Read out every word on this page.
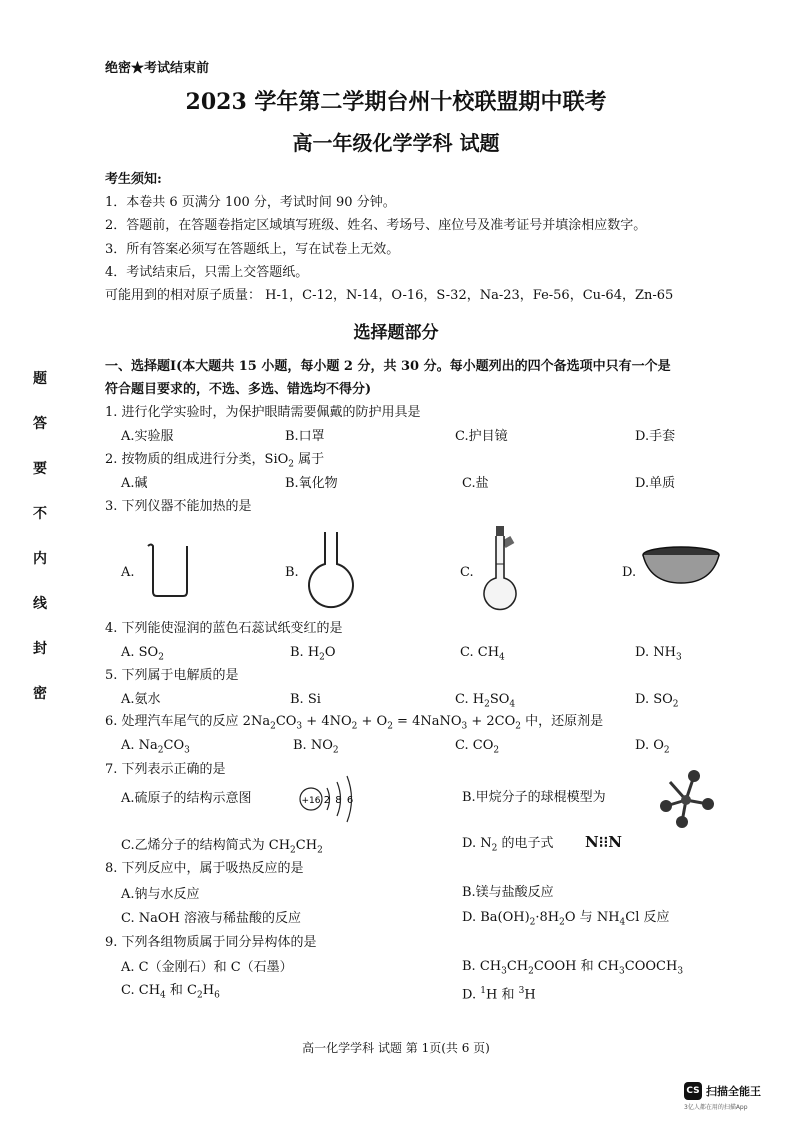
绝密★考试结束前
2023 学年第二学期台州十校联盟期中联考
高一年级化学学科 试题
考生须知:
1．本卷共 6 页满分 100 分，考试时间 90 分钟。
2．答题前，在答题卷指定区域填写班级、姓名、考场号、座位号及准考证号并填涂相应数字。
3．所有答案必须写在答题纸上，写在试卷上无效。
4．考试结束后，只需上交答题纸。
可能用到的相对原子质量： H-1，C-12，N-14，O-16，S-32，Na-23，Fe-56，Cu-64，Zn-65
选择题部分
一、选择题I(本大题共 15 小题，每小题 2 分，共 30 分。每小题列出的四个备选项中只有一个是
符合题目要求的，不选、多选、错选均不得分)
题
答
要
不
内
线
封
密
1. 进行化学实验时，为保护眼睛需要佩戴的防护用具是
A.实验服	B.口罩	C.护目镜	D.手套
2. 按物质的组成进行分类，SiO$_2$ 属于
A.碱	B.氧化物	C.盐	D.单质
3. 下列仪器不能加热的是
A.	B.	C.	D.
4. 下列能使湿润的蓝色石蕊试纸变红的是
A. $SO_2$	B. $H_2O$	C. $CH_4$	D. $NH_3$
5. 下列属于电解质的是
A.氨水	B. Si	C. $H_2SO_4$	D. $SO_2$
6. 处理汽车尾气的反应 $2Na_2CO_3 + 4NO_2 + O_2$ = 4NaNO$_3$ + $2CO_2$ 中，还原剂是
A. $Na_2CO_3$	B. $NO_2$	C. $CO_2$	D. $O_2$
7. 下列表示正确的是
A.硫原子的结构示意图	+16 2 8 6	B.甲烷分子的球棍模型为
C.乙烯分子的结构简式为 $CH_2CH_2$	D. $N_2$ 的电子式 N⁝⁝N
8. 下列反应中，属于吸热反应的是
A.钠与水反应	B.镁与盐酸反应
C. NaOH 溶液与稀盐酸的反应	D. $Ba(OH)_2\cdot 8H_2O$ 与 $NH_4Cl$ 反应
9. 下列各组物质属于同分异构体的是
A. C（金刚石）和 C（石墨）	B. $CH_3CH_2COOH$ 和 $CH_3COOCH_3$
C. $CH_4$ 和 $C_2H_6$	D. $^1$H 和 $^3$H
高一化学学科 试题 第 1页(共 6 页)
CS 扫描全能王
3亿人都在用的扫描App
